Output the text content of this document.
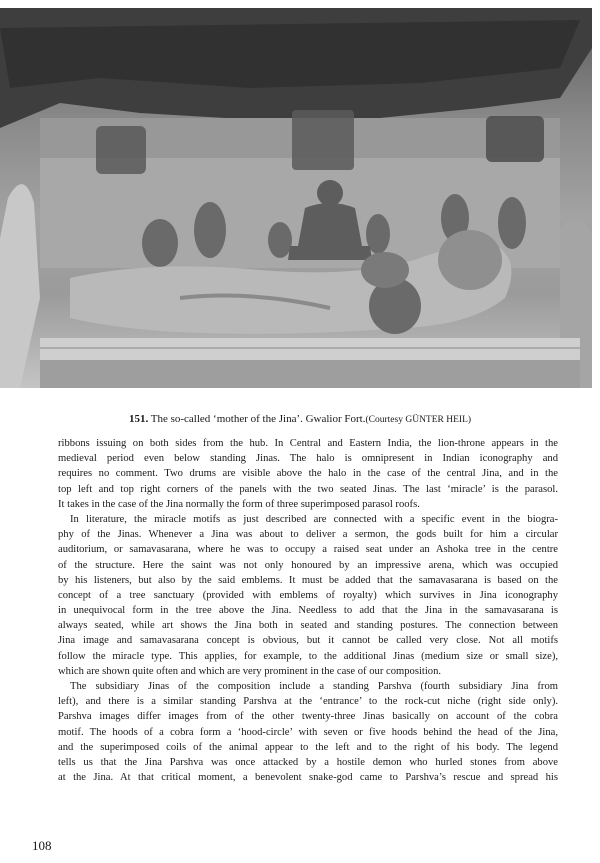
151. The so-called ‘mother of the Jina’. Gwalior Fort.(Courtesy GÜNTER HEIL)

ribbons issuing on both sides from the hub. In Central and Eastern India, the lion-throne appears in the
medieval period even below standing Jinas. The halo is omnipresent in Indian iconography and
requires no comment. Two drums are visible above the halo in the case of the central Jina, and in the
top left and top right corners of the panels with the two seated Jinas. The last ‘miracle’ is the parasol.
It takes in the case of the Jina normally the form of three superimposed parasol roofs.

In literature, the miracle motifs as just described are connected with a specific event in the biogra-
phy of the Jinas. Whenever a Jina was about to deliver a sermon, the gods built for him a circular
auditorium, or samavasarana, where he was to occupy a raised seat under an Ashoka tree in the centre
of the structure. Here the saint was not only honoured by an impressive arena, which was occupied
by his listeners, but also by the said emblems. It must be added that the samavasarana is based on the
concept of a tree sanctuary (provided with emblems of royalty) which survives in Jina iconography
in unequivocal form in the tree above the Jina. Needless to add that the Jina in the samavasarana is
always seated, while art shows the Jina both in seated and standing postures. The connection between
Jina image and samavasarana concept is obvious, but it cannot be called very close. Not all motifs
follow the miracle type. This applies, for example, to the additional Jinas (medium size or small size),
which are shown quite often and which are very prominent in the case of our composition.

The subsidiary Jinas of the composition include a standing Parshva (fourth subsidiary Jina from
left), and there is a similar standing Parshva at the ‘entrance’ to the rock-cut niche (right side only).
Parshva images differ images from of the other twenty-three Jinas basically on account of the cobra
motif. The hoods of a cobra form a ‘hood-circle’ with seven or five hoods behind the head of the Jina,
and the superimposed coils of the animal appear to the left and to the right of his body. The legend
tells us that the Jina Parshva was once attacked by a hostile demon who hurled stones from above
at the Jina. At that critical moment, a benevolent snake-god came to Parshva’s rescue and spread his

108
